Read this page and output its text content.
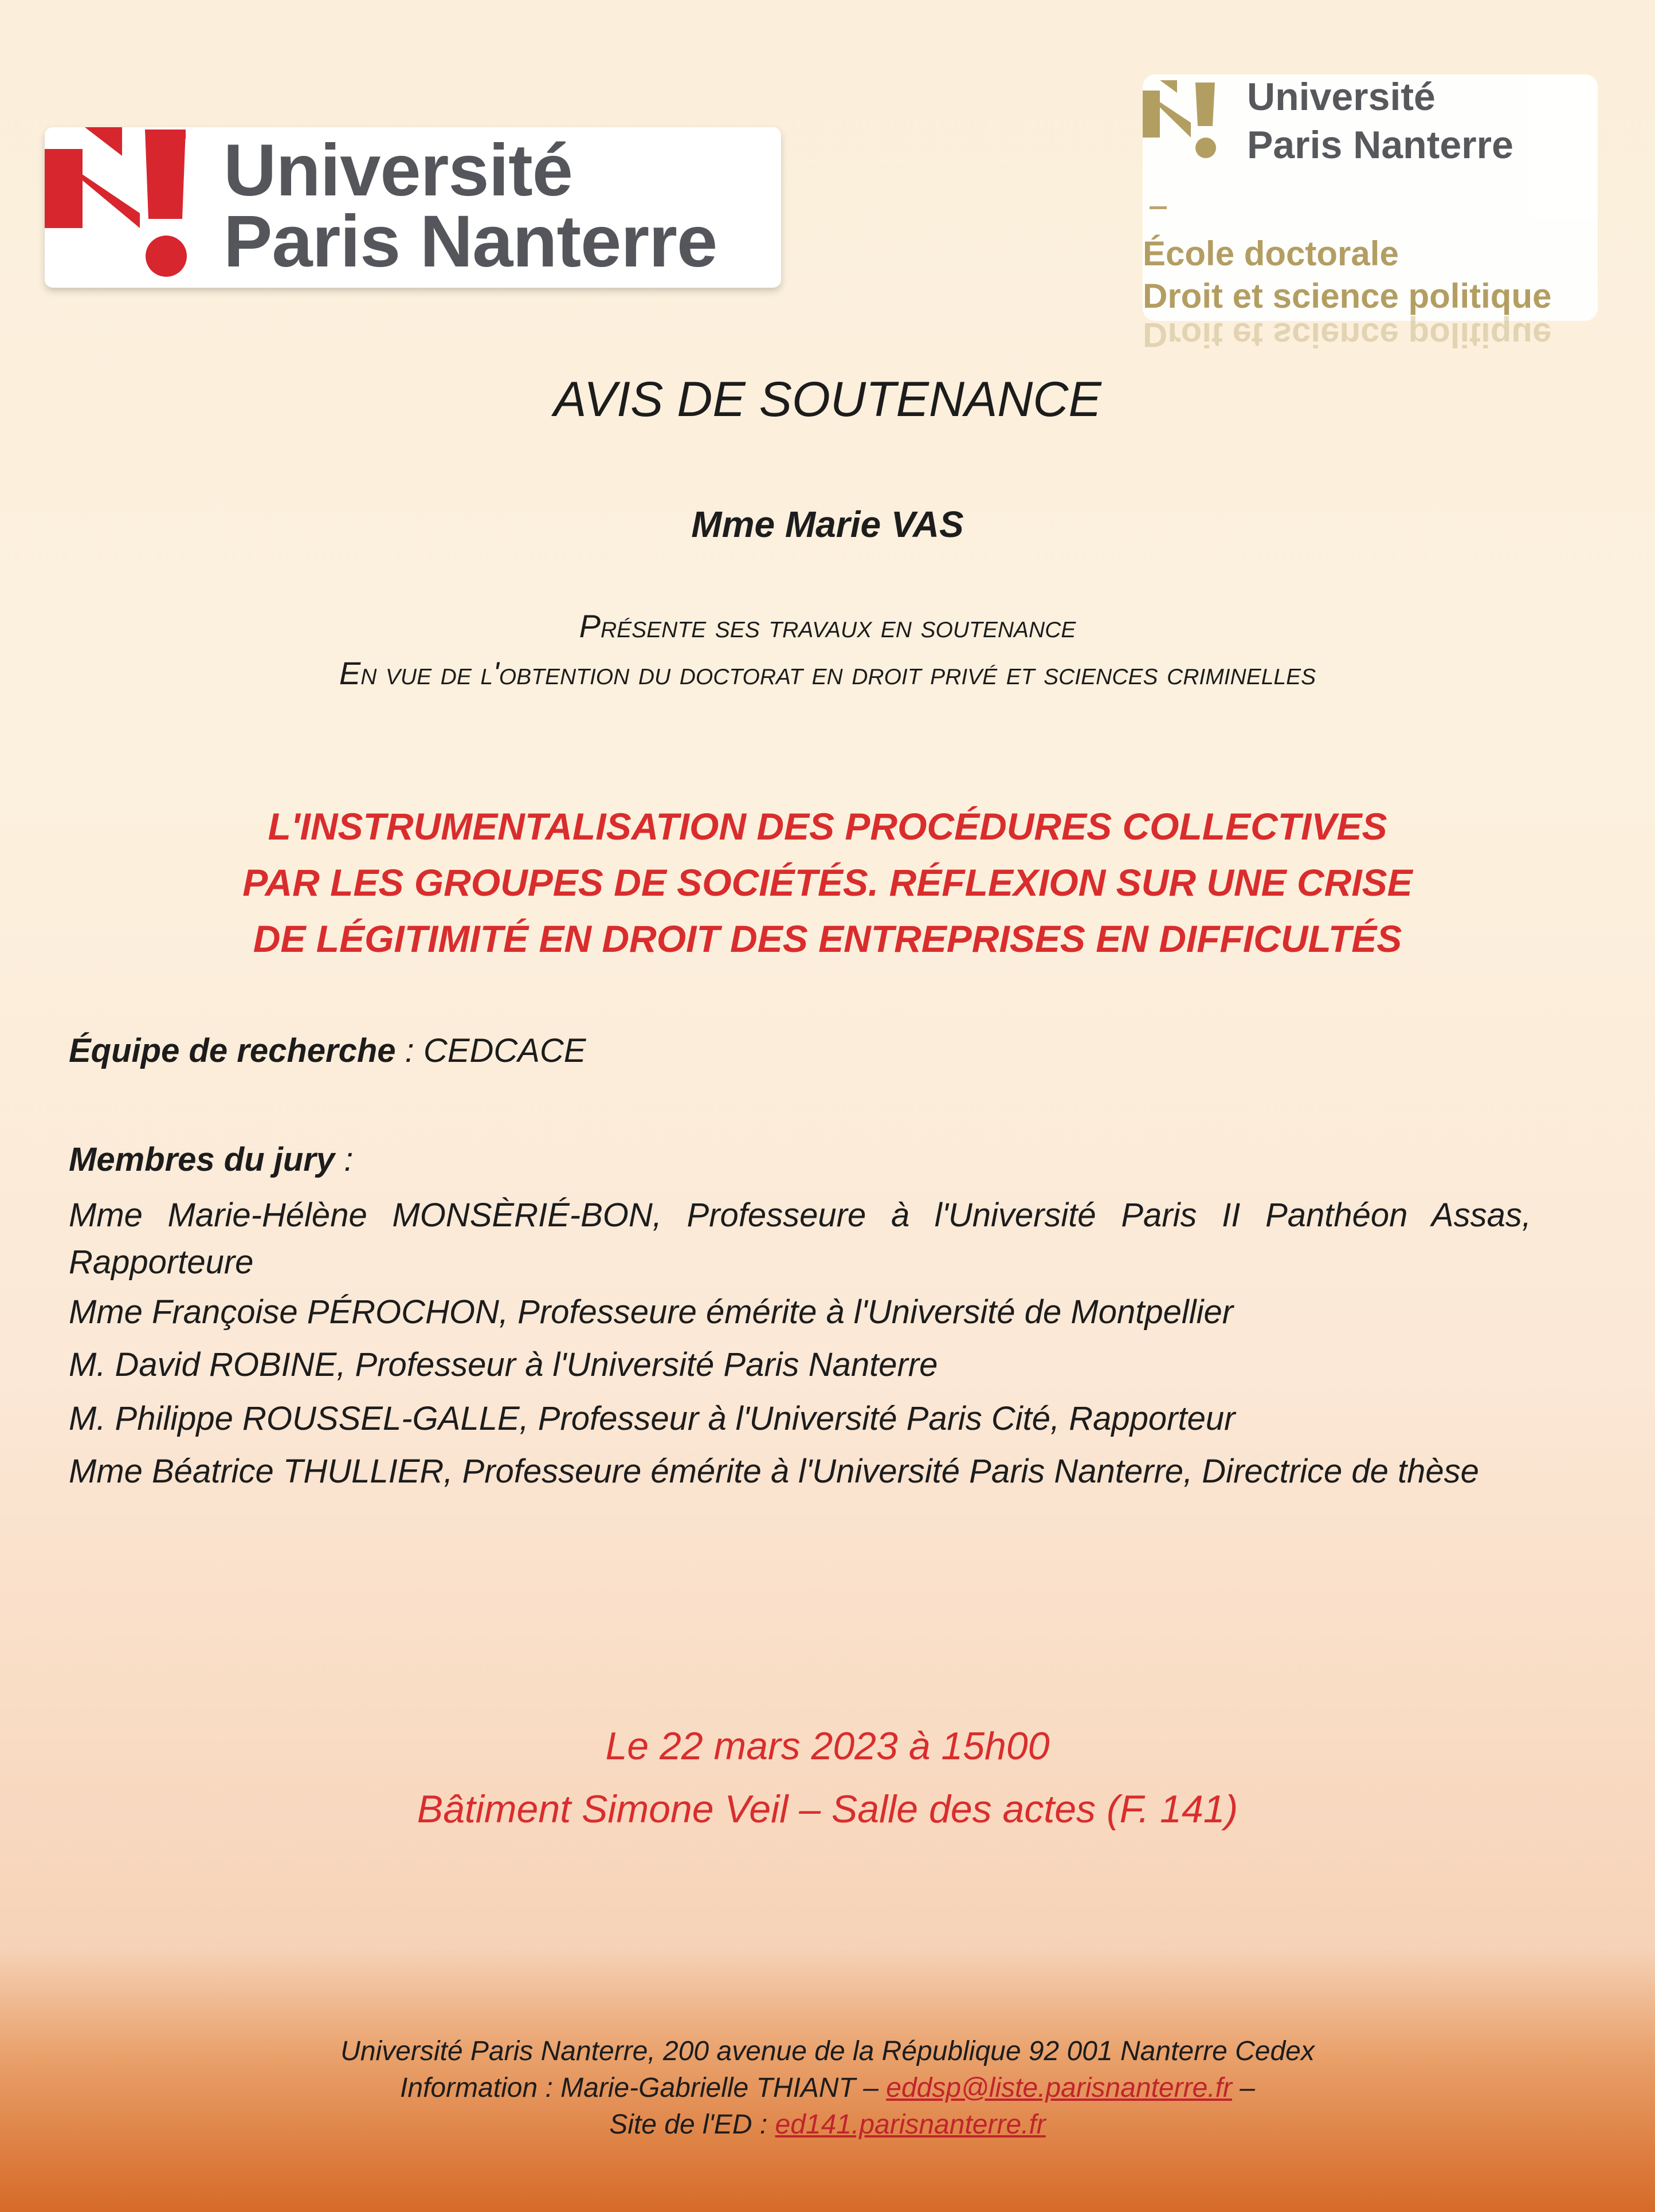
Université
Paris Nanterre
Université
Paris Nanterre
École doctorale
Droit et science politique
Droit et science politique
AVIS DE SOUTENANCE
Mme Marie VAS
Présente ses travaux en soutenance
En vue de l'obtention du doctorat en droit privé et sciences criminelles
L'INSTRUMENTALISATION DES PROCÉDURES COLLECTIVES
PAR LES GROUPES DE SOCIÉTÉS. RÉFLEXION SUR UNE CRISE
DE LÉGITIMITÉ EN DROIT DES ENTREPRISES EN DIFFICULTÉS
Équipe de recherche : CEDCACE
Membres du jury :
Mme Marie-Hélène MONSÈRIÉ-BON, Professeure à l'Université Paris II Panthéon Assas, Rapporteure
Mme Françoise PÉROCHON, Professeure émérite à l'Université de Montpellier
M. David ROBINE, Professeur à l'Université Paris Nanterre
M. Philippe ROUSSEL-GALLE, Professeur à l'Université Paris Cité, Rapporteur
Mme Béatrice THULLIER, Professeure émérite à l'Université Paris Nanterre, Directrice de thèse
Le 22 mars 2023 à 15h00
Bâtiment Simone Veil – Salle des actes (F. 141)
Université Paris Nanterre, 200 avenue de la République 92 001 Nanterre Cedex
Information : Marie-Gabrielle THIANT – eddsp@liste.parisnanterre.fr –
Site de l'ED : ed141.parisnanterre.fr
